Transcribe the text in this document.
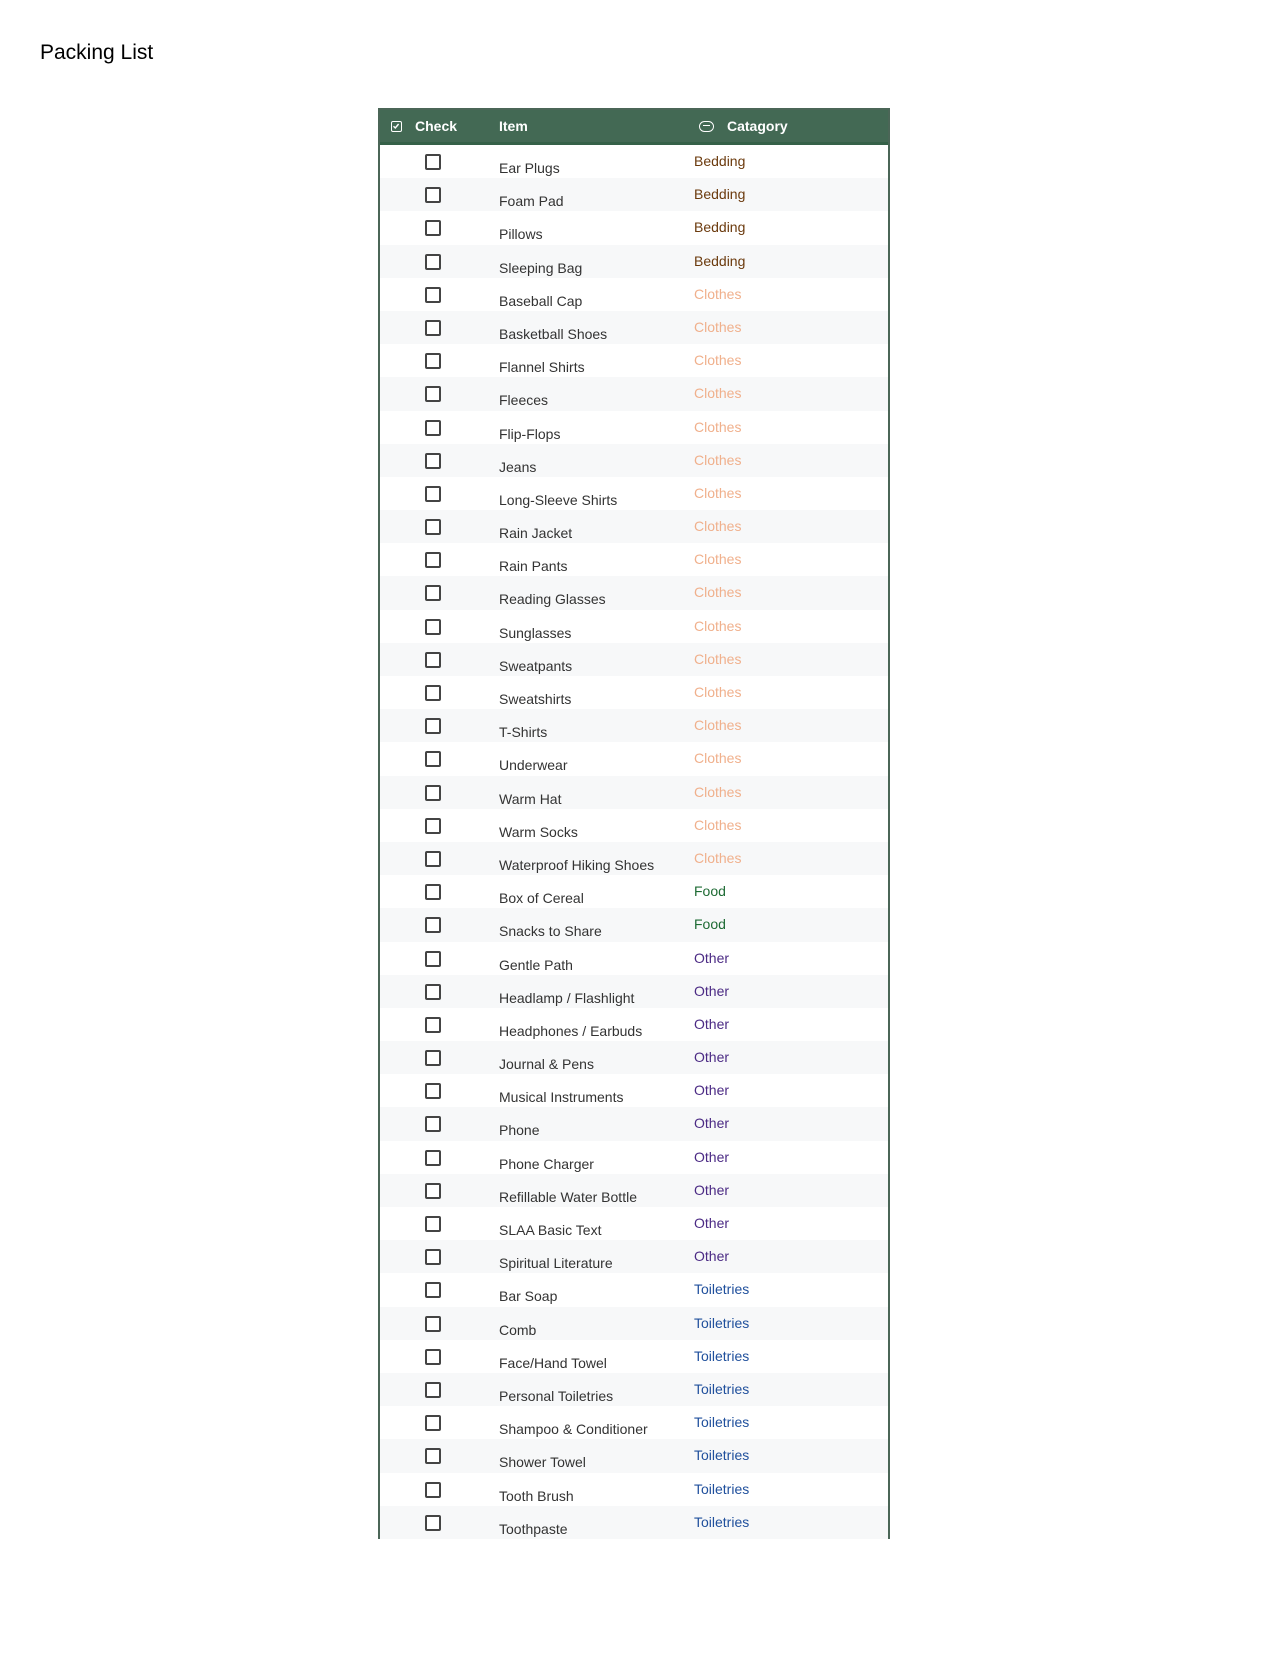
Packing List
Check	Item	Catagory
Ear Plugs	Bedding
Foam Pad	Bedding
Pillows	Bedding
Sleeping Bag	Bedding
Baseball Cap	Clothes
Basketball Shoes	Clothes
Flannel Shirts	Clothes
Fleeces	Clothes
Flip-Flops	Clothes
Jeans	Clothes
Long-Sleeve Shirts	Clothes
Rain Jacket	Clothes
Rain Pants	Clothes
Reading Glasses	Clothes
Sunglasses	Clothes
Sweatpants	Clothes
Sweatshirts	Clothes
T-Shirts	Clothes
Underwear	Clothes
Warm Hat	Clothes
Warm Socks	Clothes
Waterproof Hiking Shoes	Clothes
Box of Cereal	Food
Snacks to Share	Food
Gentle Path	Other
Headlamp / Flashlight	Other
Headphones / Earbuds	Other
Journal & Pens	Other
Musical Instruments	Other
Phone	Other
Phone Charger	Other
Refillable Water Bottle	Other
SLAA Basic Text	Other
Spiritual Literature	Other
Bar Soap	Toiletries
Comb	Toiletries
Face/Hand Towel	Toiletries
Personal Toiletries	Toiletries
Shampoo & Conditioner	Toiletries
Shower Towel	Toiletries
Tooth Brush	Toiletries
Toothpaste	Toiletries
